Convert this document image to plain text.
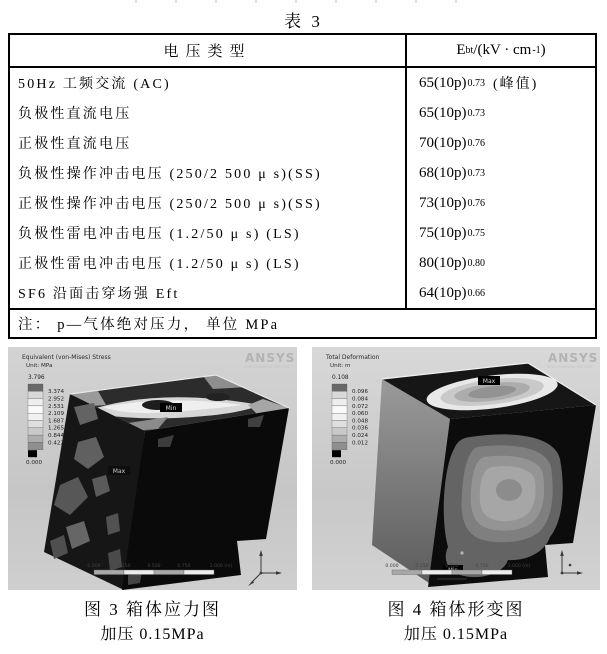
表 3
电压类型	E bt /(kV · cm -1 )
50Hz 工频交流 (AC)	65(10p) 0.73 (峰值)
负极性直流电压	65(10p) 0.73
正极性直流电压	70(10p) 0.76
负极性操作冲击电压 (250/2 500 μ s)(SS)	68(10p) 0.73
正极性操作冲击电压 (250/2 500 μ s)(SS)	73(10p) 0.76
负极性雷电冲击电压 (1.2/50 μ s) (LS)	75(10p) 0.75
正极性雷电冲击电压 (1.2/50 μ s) (LS)	80(10p) 0.80
SF6 沿面击穿场强 Eft	64(10p) 0.66
注： p—气体绝对压力， 单位 MPa
ANSYS
NONCOMMERCIAL USE ONLY
Min
Max
Equivalent (von-Mises) Stress
Unit: MPa
3.796
3.374
2.952
2.531
2.109
1.687
1.265
0.844
0.422
0.000
0.000	0.250	0.500	0.750	1.000 (m)
ANSYS
NONCOMMERCIAL USE ONLY
Max
Total Deformation
Unit: m
0.108
0.096
0.084
0.072
0.060
0.048
0.036
0.024
0.012
0.000
0.000	0.250	0.500	0.750	1.000 (m)
图 3 箱体应力图
加压 0.15MPa
图 4 箱体形变图
加压 0.15MPa
